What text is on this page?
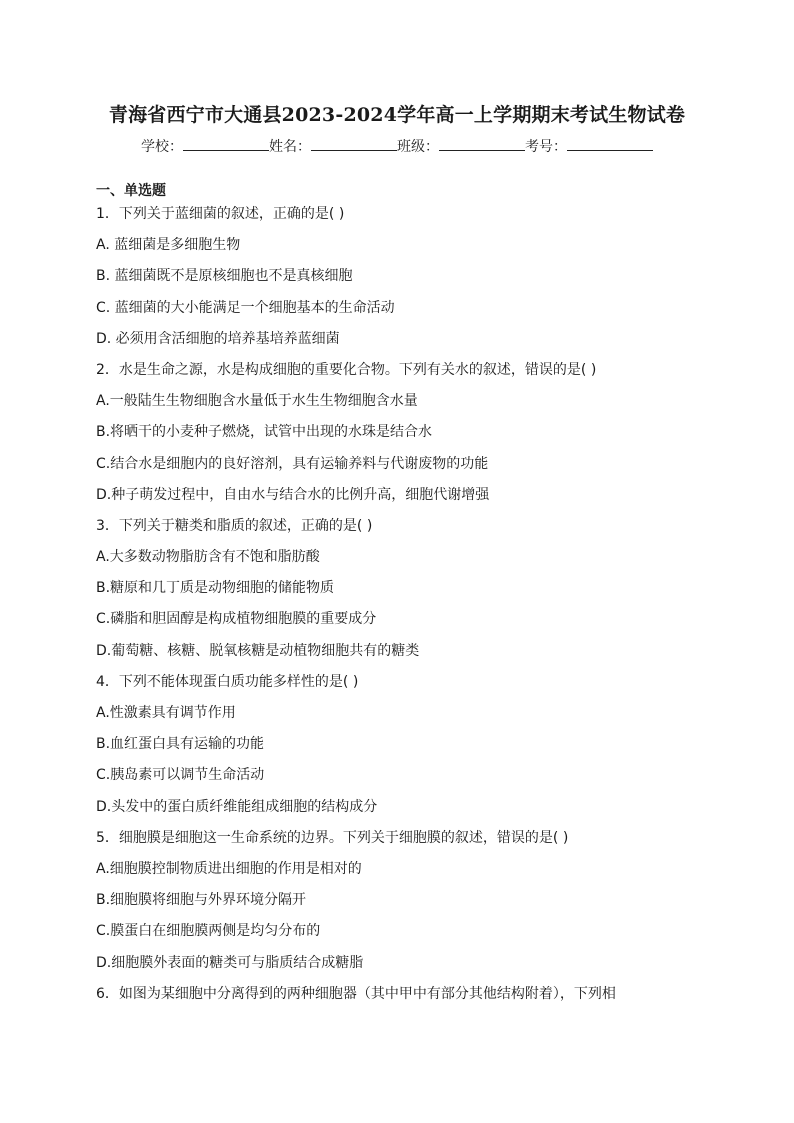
青海省西宁市大通县2023-2024学年高一上学期期末考试生物试卷
学校：	姓名：	班级：	考号：
一、单选题
1．下列关于蓝细菌的叙述，正确的是( )
A. 蓝细菌是多细胞生物
B. 蓝细菌既不是原核细胞也不是真核细胞
C. 蓝细菌的大小能满足一个细胞基本的生命活动
D. 必须用含活细胞的培养基培养蓝细菌
2．水是生命之源，水是构成细胞的重要化合物。下列有关水的叙述，错误的是( )
A.一般陆生生物细胞含水量低于水生生物细胞含水量
B.将晒干的小麦种子燃烧，试管中出现的水珠是结合水
C.结合水是细胞内的良好溶剂，具有运输养料与代谢废物的功能
D.种子萌发过程中，自由水与结合水的比例升高，细胞代谢增强
3．下列关于糖类和脂质的叙述，正确的是( )
A.大多数动物脂肪含有不饱和脂肪酸
B.糖原和几丁质是动物细胞的储能物质
C.磷脂和胆固醇是构成植物细胞膜的重要成分
D.葡萄糖、核糖、脱氧核糖是动植物细胞共有的糖类
4．下列不能体现蛋白质功能多样性的是( )
A.性激素具有调节作用
B.血红蛋白具有运输的功能
C.胰岛素可以调节生命活动
D.头发中的蛋白质纤维能组成细胞的结构成分
5．细胞膜是细胞这一生命系统的边界。下列关于细胞膜的叙述，错误的是( )
A.细胞膜控制物质进出细胞的作用是相对的
B.细胞膜将细胞与外界环境分隔开
C.膜蛋白在细胞膜两侧是均匀分布的
D.细胞膜外表面的糖类可与脂质结合成糖脂
6．如图为某细胞中分离得到的两种细胞器（其中甲中有部分其他结构附着），下列相
